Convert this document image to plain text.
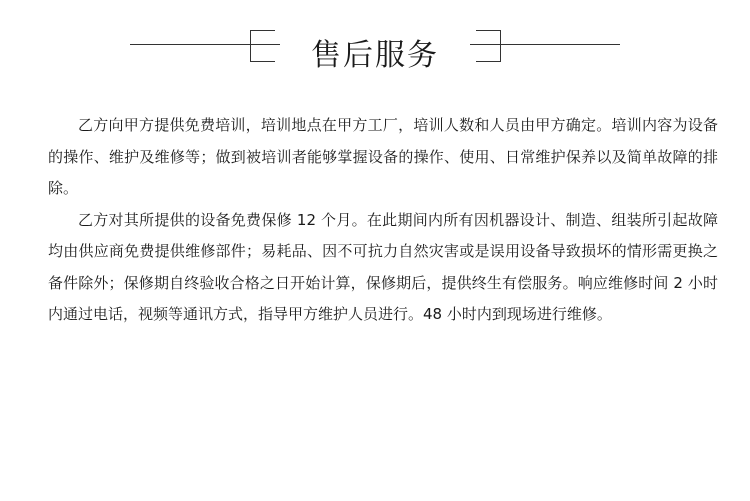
售后服务

乙方向甲方提供免费培训，培训地点在甲方工厂，培训人数和人员由甲方确定。培训内容为设备的操作、维护及维修等；做到被培训者能够掌握设备的操作、使用、日常维护保养以及简单故障的排除。

乙方对其所提供的设备免费保修 12 个月。在此期间内所有因机器设计、制造、组装所引起故障均由供应商免费提供维修部件；易耗品、因不可抗力自然灾害或是误用设备导致损坏的情形需更换之备件除外；保修期自终验收合格之日开始计算，保修期后，提供终生有偿服务。响应维修时间 2 小时内通过电话，视频等通讯方式，指导甲方维护人员进行。48 小时内到现场进行维修。
